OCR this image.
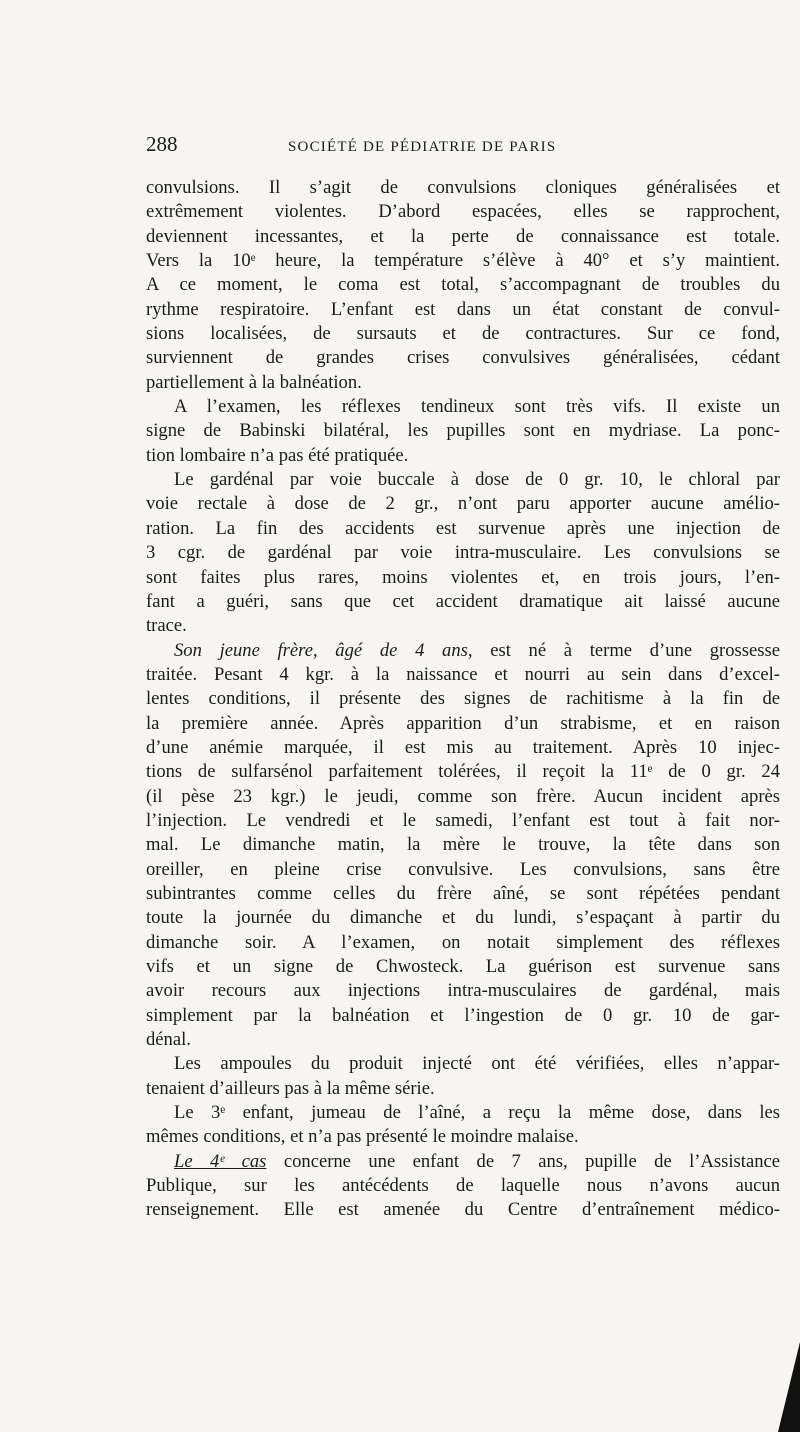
288	SOCIÉTÉ DE PÉDIATRIE DE PARIS
convulsions. Il s’agit de convulsions cloniques généralisées et
extrêmement violentes. D’abord espacées, elles se rapprochent,
deviennent incessantes, et la perte de connaissance est totale.
Vers la 10ᵉ heure, la température s’élève à 40° et s’y maintient.
A ce moment, le coma est total, s’accompagnant de troubles du
rythme respiratoire. L’enfant est dans un état constant de convul-
sions localisées, de sursauts et de contractures. Sur ce fond,
surviennent de grandes crises convulsives généralisées, cédant
partiellement à la balnéation.
A l’examen, les réflexes tendineux sont très vifs. Il existe un
signe de Babinski bilatéral, les pupilles sont en mydriase. La ponc-
tion lombaire n’a pas été pratiquée.
Le gardénal par voie buccale à dose de 0 gr. 10, le chloral par
voie rectale à dose de 2 gr., n’ont paru apporter aucune amélio-
ration. La fin des accidents est survenue après une injection de
3 cgr. de gardénal par voie intra-musculaire. Les convulsions se
sont faites plus rares, moins violentes et, en trois jours, l’en-
fant a guéri, sans que cet accident dramatique ait laissé aucune
trace.
Son jeune frère, âgé de 4 ans, est né à terme d’une grossesse
traitée. Pesant 4 kgr. à la naissance et nourri au sein dans d’excel-
lentes conditions, il présente des signes de rachitisme à la fin de
la première année. Après apparition d’un strabisme, et en raison
d’une anémie marquée, il est mis au traitement. Après 10 injec-
tions de sulfarsénol parfaitement tolérées, il reçoit la 11ᵉ de 0 gr. 24
(il pèse 23 kgr.) le jeudi, comme son frère. Aucun incident après
l’injection. Le vendredi et le samedi, l’enfant est tout à fait nor-
mal. Le dimanche matin, la mère le trouve, la tête dans son
oreiller, en pleine crise convulsive. Les convulsions, sans être
subintrantes comme celles du frère aîné, se sont répétées pendant
toute la journée du dimanche et du lundi, s’espaçant à partir du
dimanche soir. A l’examen, on notait simplement des réflexes
vifs et un signe de Chwosteck. La guérison est survenue sans
avoir recours aux injections intra-musculaires de gardénal, mais
simplement par la balnéation et l’ingestion de 0 gr. 10 de gar-
dénal.
Les ampoules du produit injecté ont été vérifiées, elles n’appar-
tenaient d’ailleurs pas à la même série.
Le 3ᵉ enfant, jumeau de l’aîné, a reçu la même dose, dans les
mêmes conditions, et n’a pas présenté le moindre malaise.
Le 4ᵉ cas concerne une enfant de 7 ans, pupille de l’Assistance
Publique, sur les antécédents de laquelle nous n’avons aucun
renseignement. Elle est amenée du Centre d’entraînement médico-
